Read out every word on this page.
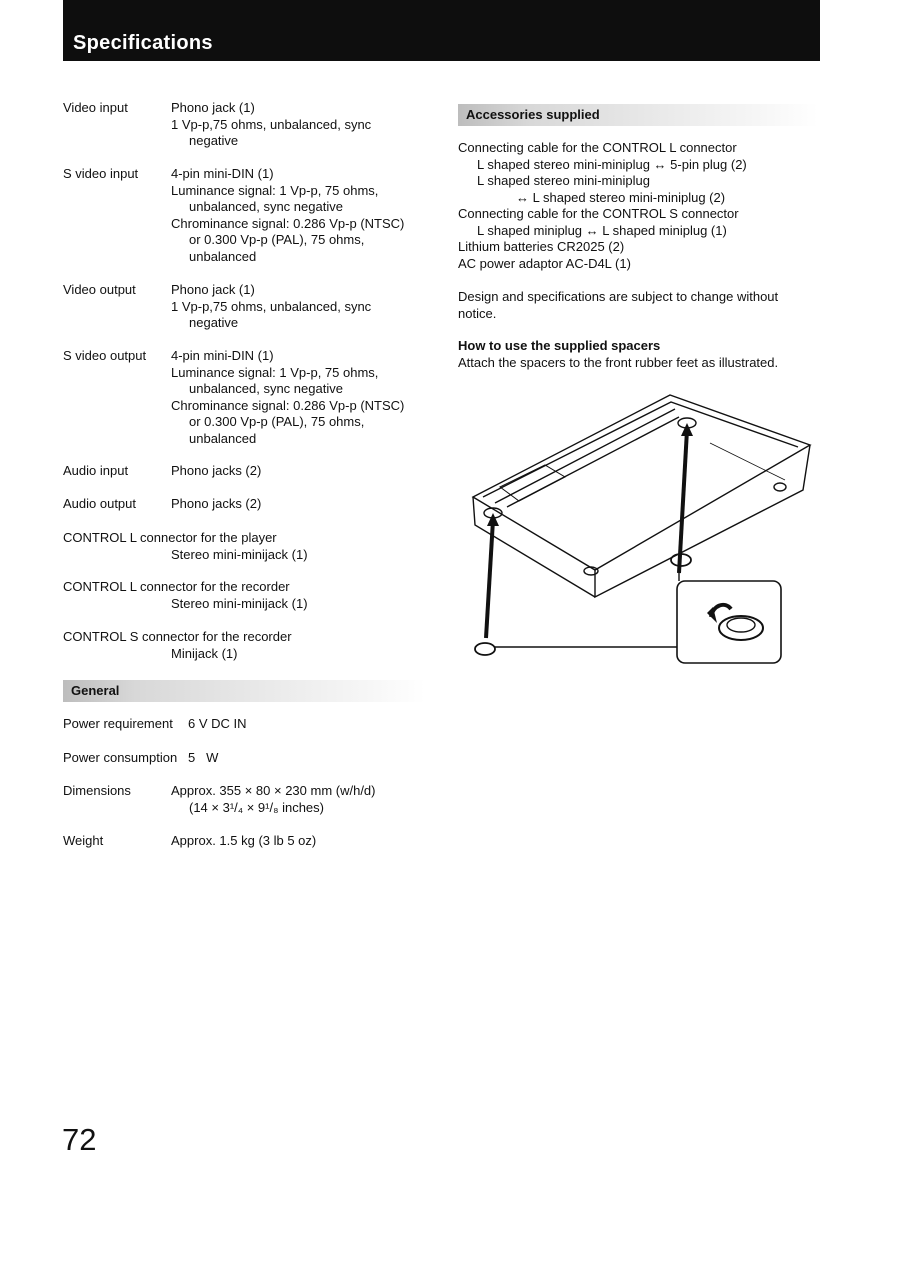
Specifications
Video input	Phono jack (1)
1 Vp-p,75 ohms, unbalanced, sync
negative
S video input	4-pin mini-DIN (1)
Luminance signal: 1 Vp-p, 75 ohms,
unbalanced, sync negative
Chrominance signal: 0.286 Vp-p (NTSC)
or 0.300 Vp-p (PAL), 75 ohms,
unbalanced
Video output	Phono jack (1)
1 Vp-p,75 ohms, unbalanced, sync
negative
S video output	4-pin mini-DIN (1)
Luminance signal: 1 Vp-p, 75 ohms,
unbalanced, sync negative
Chrominance signal: 0.286 Vp-p (NTSC)
or 0.300 Vp-p (PAL), 75 ohms,
unbalanced
Audio input	Phono jacks (2)
Audio output	Phono jacks (2)
CONTROL L connector for the player
Stereo mini-minijack (1)
CONTROL L connector for the recorder
Stereo mini-minijack (1)
CONTROL S connector for the recorder
Minijack (1)
General
Power requirement 6 V DC IN
Power consumption 5   W
Dimensions	Approx. 355 × 80 × 230 mm (w/h/d)
(14 × 3¹/₄ × 9¹/₈ inches)
Weight	Approx. 1.5 kg (3 lb 5 oz)
Accessories supplied
Connecting cable for the CONTROL L connector
L shaped stereo mini-miniplug ↔ 5-pin plug (2)
L shaped stereo mini-miniplug
↔ L shaped stereo mini-miniplug (2)
Connecting cable for the CONTROL S connector
L shaped miniplug ↔ L shaped miniplug (1)
Lithium batteries CR2025 (2)
AC power adaptor AC-D4L (1)
Design and specifications are subject to change without
notice.
How to use the supplied spacers
Attach the spacers to the front rubber feet as illustrated.
72
